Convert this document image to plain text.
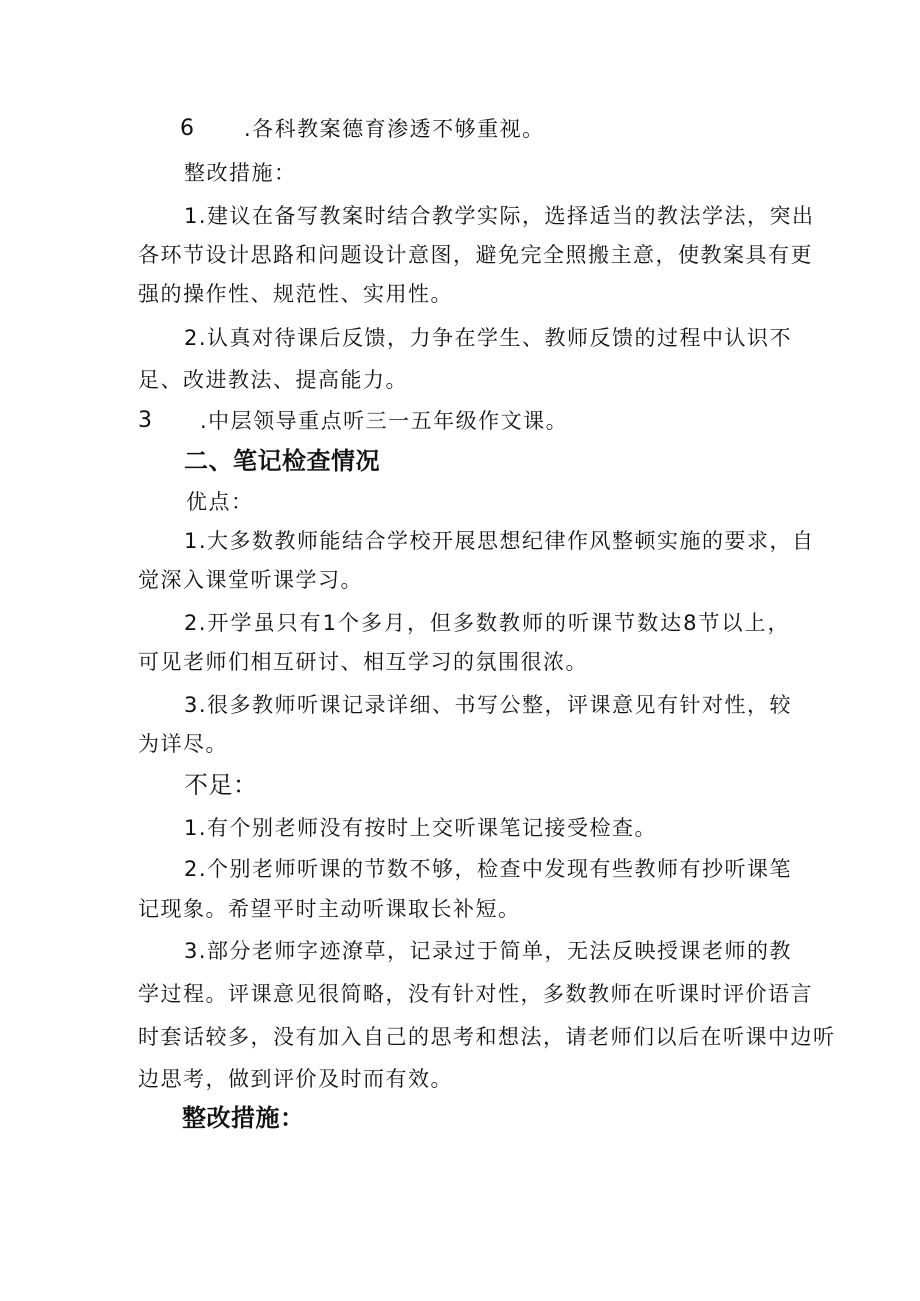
6 .各科教案德育渗透不够重视。
整改措施：
1.建议在备写教案时结合教学实际，选择适当的教法学法，突出
各环节设计思路和问题设计意图，避免完全照搬主意，使教案具有更
强的操作性、规范性、实用性。
2.认真对待课后反馈，力争在学生、教师反馈的过程中认识不
足、改进教法、提高能力。
3 .中层领导重点听三一五年级作文课。
二、笔记检查情况
优点：
1.大多数教师能结合学校开展思想纪律作风整顿实施的要求，自
觉深入课堂听课学习。
2.开学虽只有1个多月，但多数教师的听课节数达8节以上，
可见老师们相互研讨、相互学习的氛围很浓。
3.很多教师听课记录详细、书写公整，评课意见有针对性，较
为详尽。
不足：
1.有个别老师没有按时上交听课笔记接受检查。
2.个别老师听课的节数不够，检查中发现有些教师有抄听课笔
记现象。希望平时主动听课取长补短。
3.部分老师字迹潦草，记录过于简单，无法反映授课老师的教
学过程。评课意见很简略，没有针对性，多数教师在听课时评价语言
时套话较多，没有加入自己的思考和想法，请老师们以后在听课中边听
边思考，做到评价及时而有效。
整改措施：
